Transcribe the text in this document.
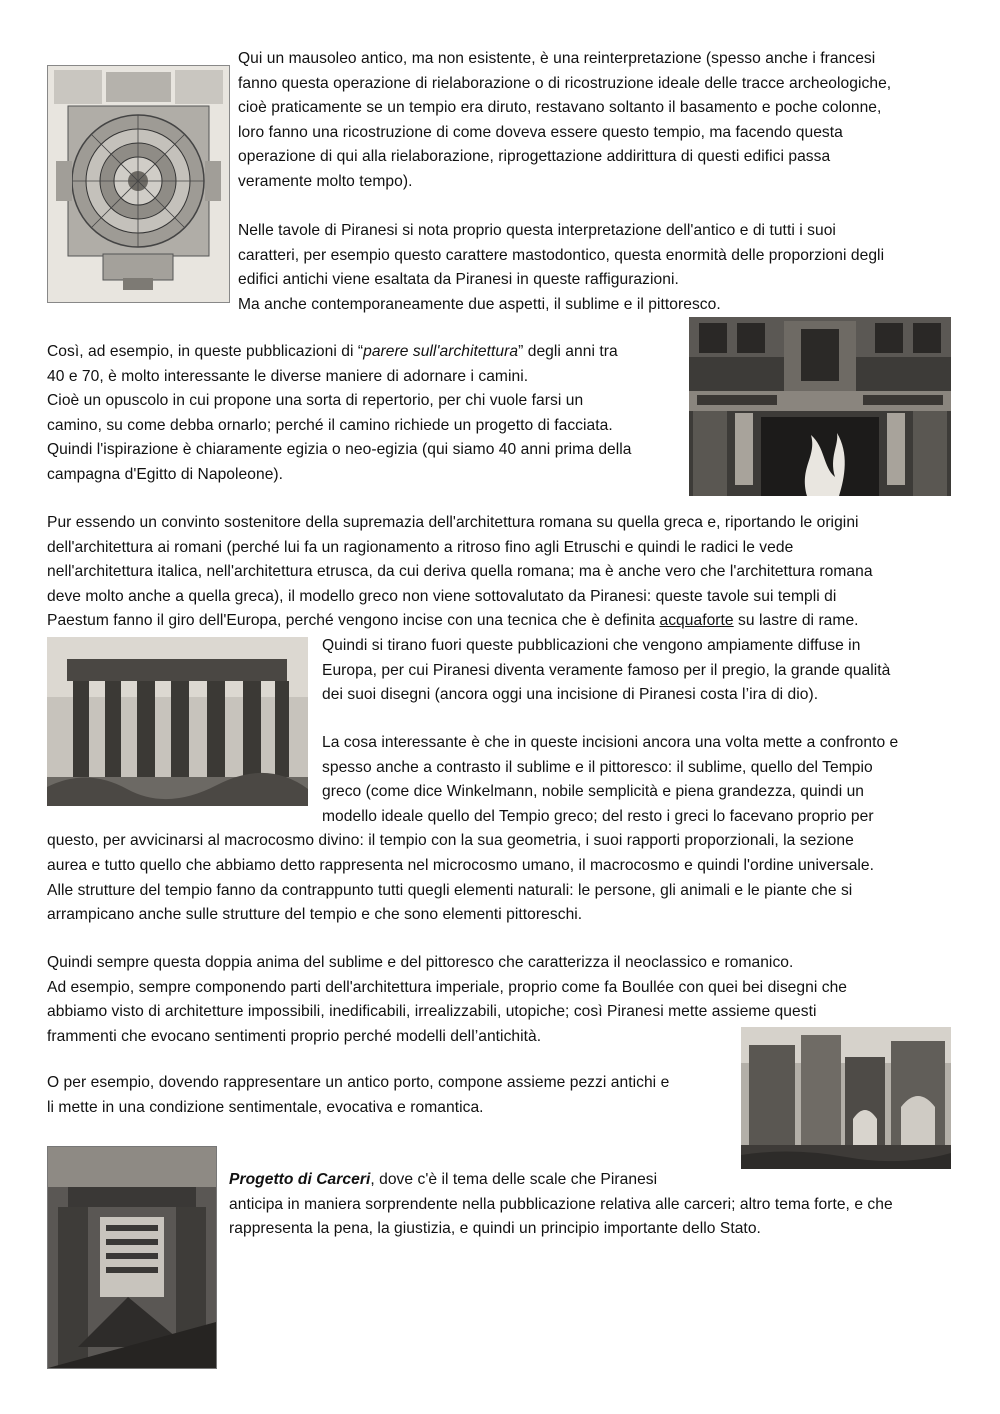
Qui un mausoleo antico, ma non esistente, è una reinterpretazione (spesso anche i francesi
fanno questa operazione di rielaborazione o di ricostruzione ideale delle tracce archeologiche,
cioè praticamente se un tempio era diruto, restavano soltanto il basamento e poche colonne,
loro fanno una ricostruzione di come doveva essere questo tempio, ma facendo questa
operazione di qui alla rielaborazione, riprogettazione addirittura di questi edifici passa
veramente molto tempo).
Nelle tavole di Piranesi si nota proprio questa interpretazione dell'antico e di tutti i suoi
caratteri, per esempio questo carattere mastodontico, questa enormità delle proporzioni degli
edifici antichi viene esaltata da Piranesi in queste raffigurazioni.
Ma anche contemporaneamente due aspetti, il sublime e il pittoresco.
Così, ad esempio, in queste pubblicazioni di “parere sull'architettura” degli anni tra
40 e 70, è molto interessante le diverse maniere di adornare i camini.
Cioè un opuscolo in cui propone una sorta di repertorio, per chi vuole farsi un
camino, su come debba ornarlo; perché il camino richiede un progetto di facciata.
Quindi l'ispirazione è chiaramente egizia o neo-egizia (qui siamo 40 anni prima della
campagna d'Egitto di Napoleone).
Pur essendo un convinto sostenitore della supremazia dell'architettura romana su quella greca e, riportando le origini
dell'architettura ai romani (perché lui fa un ragionamento a ritroso fino agli Etruschi e quindi le radici le vede
nell'architettura italica, nell'architettura etrusca, da cui deriva quella romana; ma è anche vero che l'architettura romana
deve molto anche a quella greca), il modello greco non viene sottovalutato da Piranesi: queste tavole sui templi di
Paestum fanno il giro dell'Europa, perché vengono incise con una tecnica che è definita acquaforte su lastre di rame.
Quindi si tirano fuori queste pubblicazioni che vengono ampiamente diffuse in
Europa, per cui Piranesi diventa veramente famoso per il pregio, la grande qualità
dei suoi disegni (ancora oggi una incisione di Piranesi costa l’ira di dio).
La cosa interessante è che in queste incisioni ancora una volta mette a confronto e
spesso anche a contrasto il sublime e il pittoresco: il sublime, quello del Tempio
greco (come dice Winkelmann, nobile semplicità e piena grandezza, quindi un
modello ideale quello del Tempio greco; del resto i greci lo facevano proprio per
questo, per avvicinarsi al macrocosmo divino: il tempio con la sua geometria, i suoi rapporti proporzionali, la sezione
aurea e tutto quello che abbiamo detto rappresenta nel microcosmo umano, il macrocosmo e quindi l'ordine universale.
Alle strutture del tempio fanno da contrappunto tutti quegli elementi naturali: le persone, gli animali e le piante che si
arrampicano anche sulle strutture del tempio e che sono elementi pittoreschi.
Quindi sempre questa doppia anima del sublime e del pittoresco che caratterizza il neoclassico e romanico.
Ad esempio, sempre componendo parti dell'architettura imperiale, proprio come fa Boullée con quei bei disegni che
abbiamo visto di architetture impossibili, inedificabili, irrealizzabili, utopiche; così Piranesi mette assieme questi
frammenti che evocano sentimenti proprio perché modelli dell’antichità.
O per esempio, dovendo rappresentare un antico porto, compone assieme pezzi antichi e
li mette in una condizione sentimentale, evocativa e romantica.
Progetto di Carceri, dove c'è il tema delle scale che Piranesi
anticipa in maniera sorprendente nella pubblicazione relativa alle carceri; altro tema forte, e che
rappresenta la pena, la giustizia, e quindi un principio importante dello Stato.
